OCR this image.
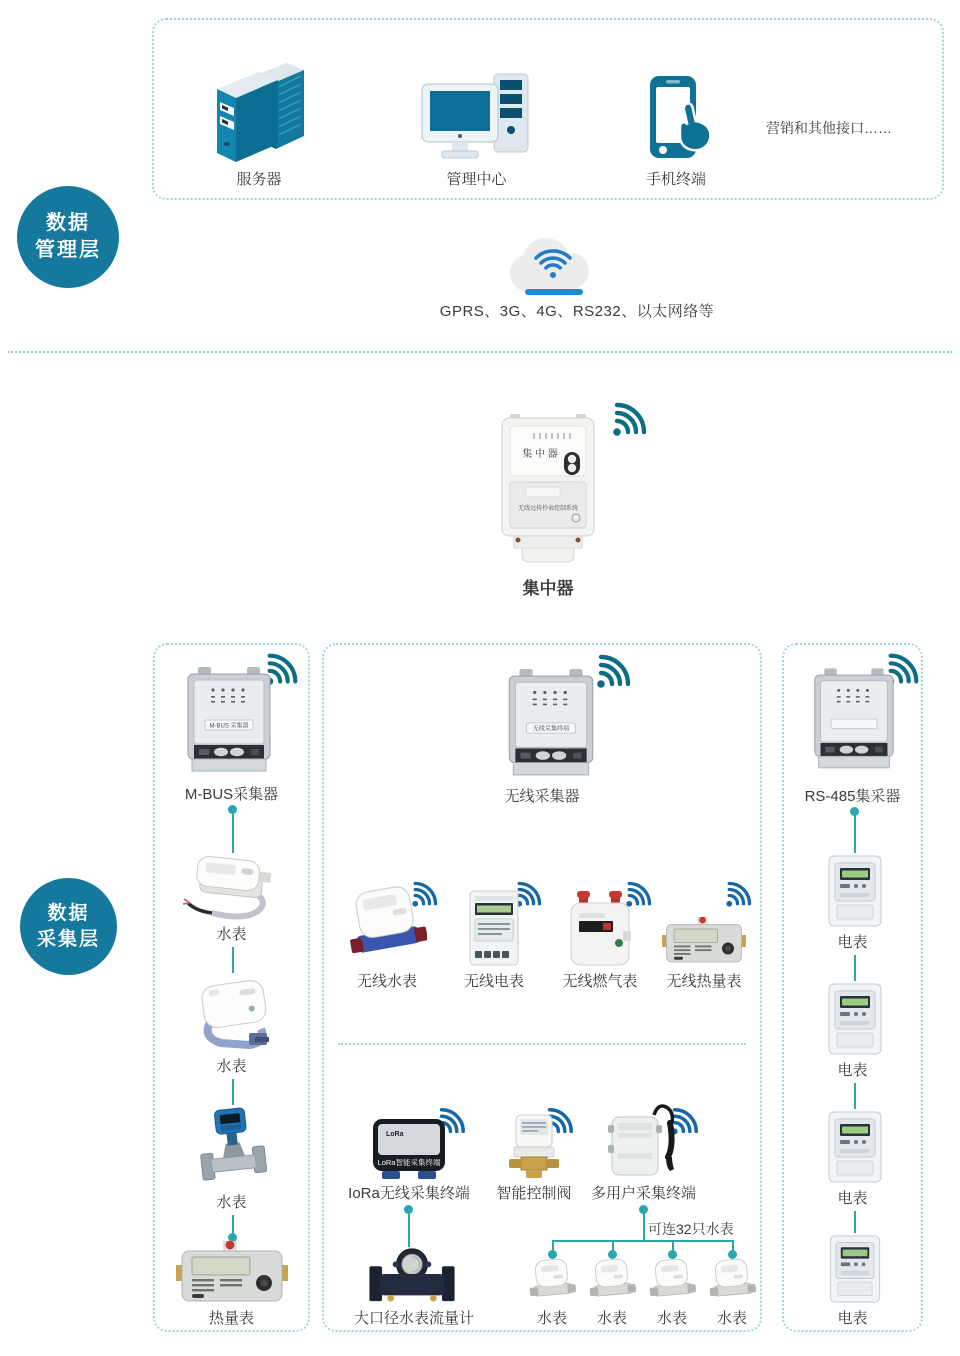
服务器	管理中心	手机终端
营销和其他接口……
数据
管理层
GPRS、3G、4G、RS232、以太网络等
集 中 器
无线远传抄表控制系统
集中器
数据
采集层
M-BUS 采集器
M-BUS采集器
水表
水表
水表
热量表
无线采集终端
无线采集器
无线水表	无线电表	无线燃气表	无线热量表
LoRa
LoRa智能采集终端
IoRa无线采集终端	智能控制阀	多用户采集终端
大口径水表流量计
可连32只水表
水表	水表	水表	水表
RS-485集采器
电表
电表
电表
电表
